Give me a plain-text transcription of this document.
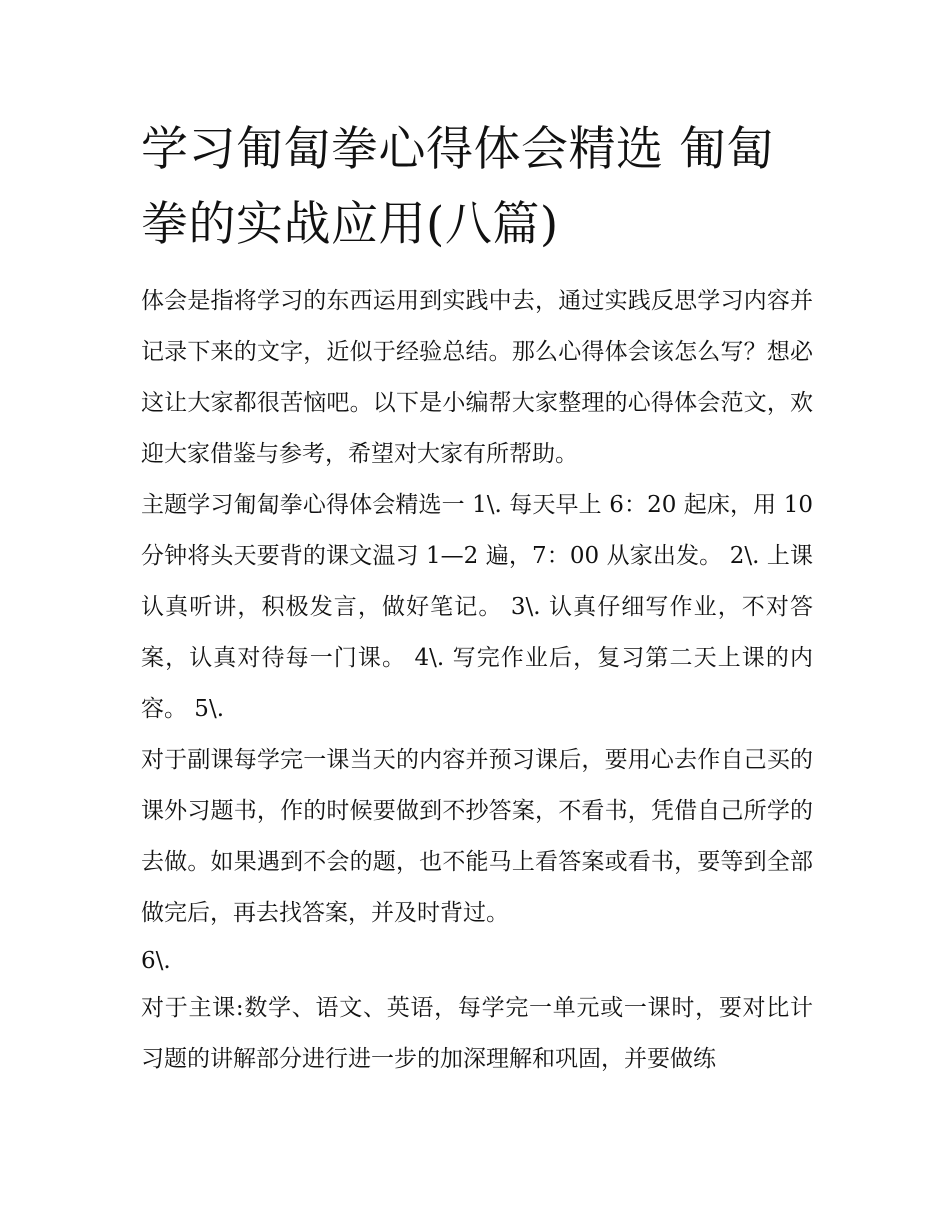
学习匍匐拳心得体会精选 匍匐拳的实战应用(八篇)

体会是指将学习的东西运用到实践中去，通过实践反思学习内容并记录下来的文字，近似于经验总结。那么心得体会该怎么写？想必这让大家都很苦恼吧。以下是小编帮大家整理的心得体会范文，欢迎大家借鉴与参考，希望对大家有所帮助。

主题学习匍匐拳心得体会精选一 1\. 每天早上 6：20 起床，用 10 分钟将头天要背的课文温习 1—2 遍，7：00 从家出发。 2\. 上课认真听讲，积极发言，做好笔记。 3\. 认真仔细写作业，不对答案，认真对待每一门课。 4\. 写完作业后，复习第二天上课的内容。 5\.

对于副课每学完一课当天的内容并预习课后，要用心去作自己买的课外习题书，作的时候要做到不抄答案，不看书，凭借自己所学的去做。如果遇到不会的题，也不能马上看答案或看书，要等到全部做完后，再去找答案，并及时背过。

6\.

对于主课:数学、语文、英语，每学完一单元或一课时，要对比计习题的讲解部分进行进一步的加深理解和巩固，并要做练
